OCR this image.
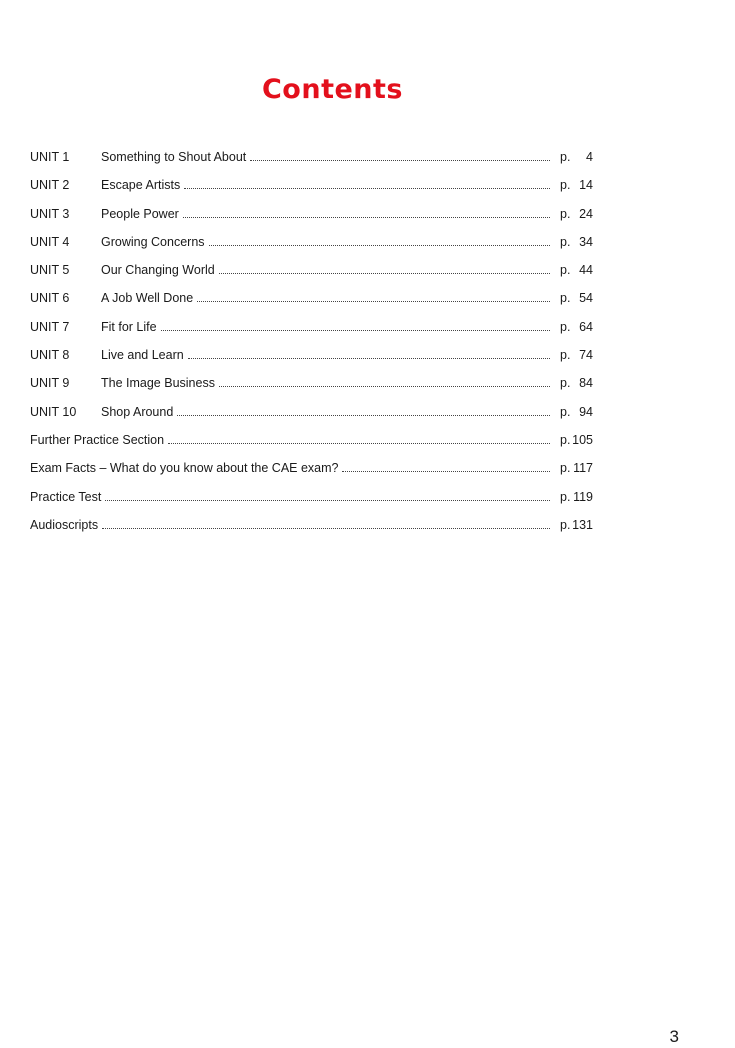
Contents
UNIT 1	Something to Shout About	p. 4
UNIT 2	Escape Artists	p. 14
UNIT 3	People Power	p. 24
UNIT 4	Growing Concerns	p. 34
UNIT 5	Our Changing World	p. 44
UNIT 6	A Job Well Done	p. 54
UNIT 7	Fit for Life	p. 64
UNIT 8	Live and Learn	p. 74
UNIT 9	The Image Business	p. 84
UNIT 10	Shop Around	p. 94
Further Practice Section	p. 105
Exam Facts – What do you know about the CAE exam?	p. 117
Practice Test	p. 119
Audioscripts	p. 131
3
